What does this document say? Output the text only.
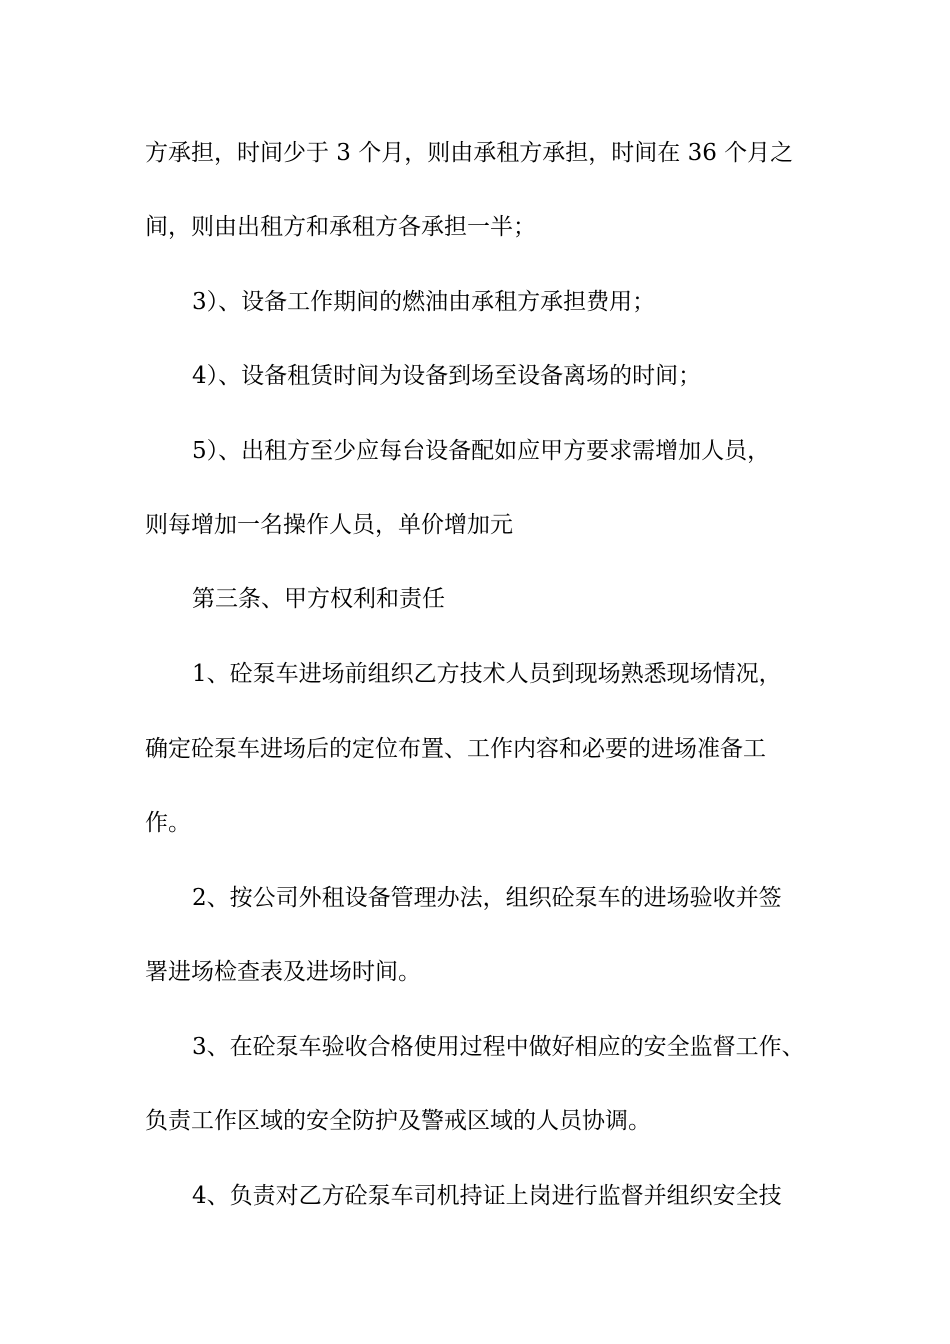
方承担，时间少于 3 个月，则由承租方承担，时间在 36 个月之
间，则由出租方和承租方各承担一半；
3）、设备工作期间的燃油由承租方承担费用；
4）、设备租赁时间为设备到场至设备离场的时间；
5）、出租方至少应每台设备配如应甲方要求需增加人员，
则每增加一名操作人员，单价增加元
第三条、甲方权利和责任
1、砼泵车进场前组织乙方技术人员到现场熟悉现场情况，
确定砼泵车进场后的定位布置、工作内容和必要的进场准备工
作。
2、按公司外租设备管理办法，组织砼泵车的进场验收并签
署进场检查表及进场时间。
3、在砼泵车验收合格使用过程中做好相应的安全监督工作、
负责工作区域的安全防护及警戒区域的人员协调。
4、负责对乙方砼泵车司机持证上岗进行监督并组织安全技
